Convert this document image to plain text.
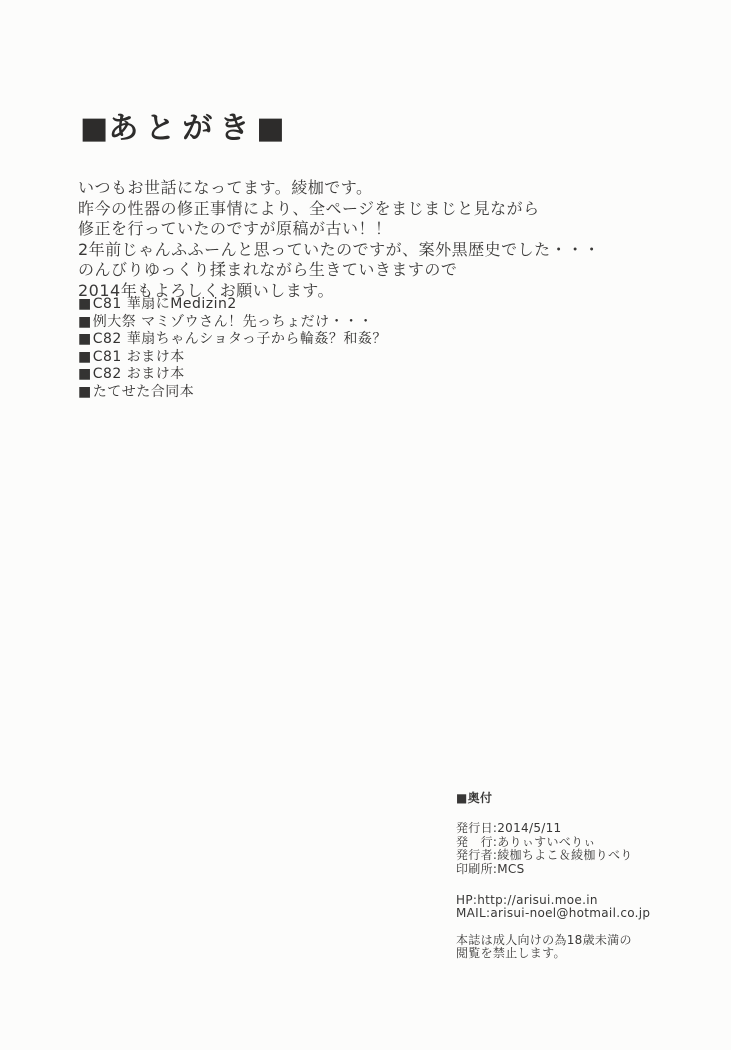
■あとがき■
いつもお世話になってます。綾枷です。
昨今の性器の修正事情により、全ページをまじまじと見ながら
修正を行っていたのですが原稿が古い！！
2年前じゃんふふーんと思っていたのですが、案外黒歴史でした・・・
のんびりゆっくり揉まれながら生きていきますので
2014年もよろしくお願いします。
■C81 華扇にMedizin2
■例大祭 マミゾウさん！先っちょだけ・・・
■C82 華扇ちゃんショタっ子から輪姦？和姦？
■C81 おまけ本
■C82 おまけ本
■たてせた合同本
■奥付
発行日:2014/5/11
発　行:ありぃすいべりぃ
発行者:綾枷ちよこ＆綾枷りべり
印刷所:MCS
HP:http://arisui.moe.in
MAIL:arisui-noel@hotmail.co.jp
本誌は成人向けの為18歳未満の
閲覧を禁止します。
